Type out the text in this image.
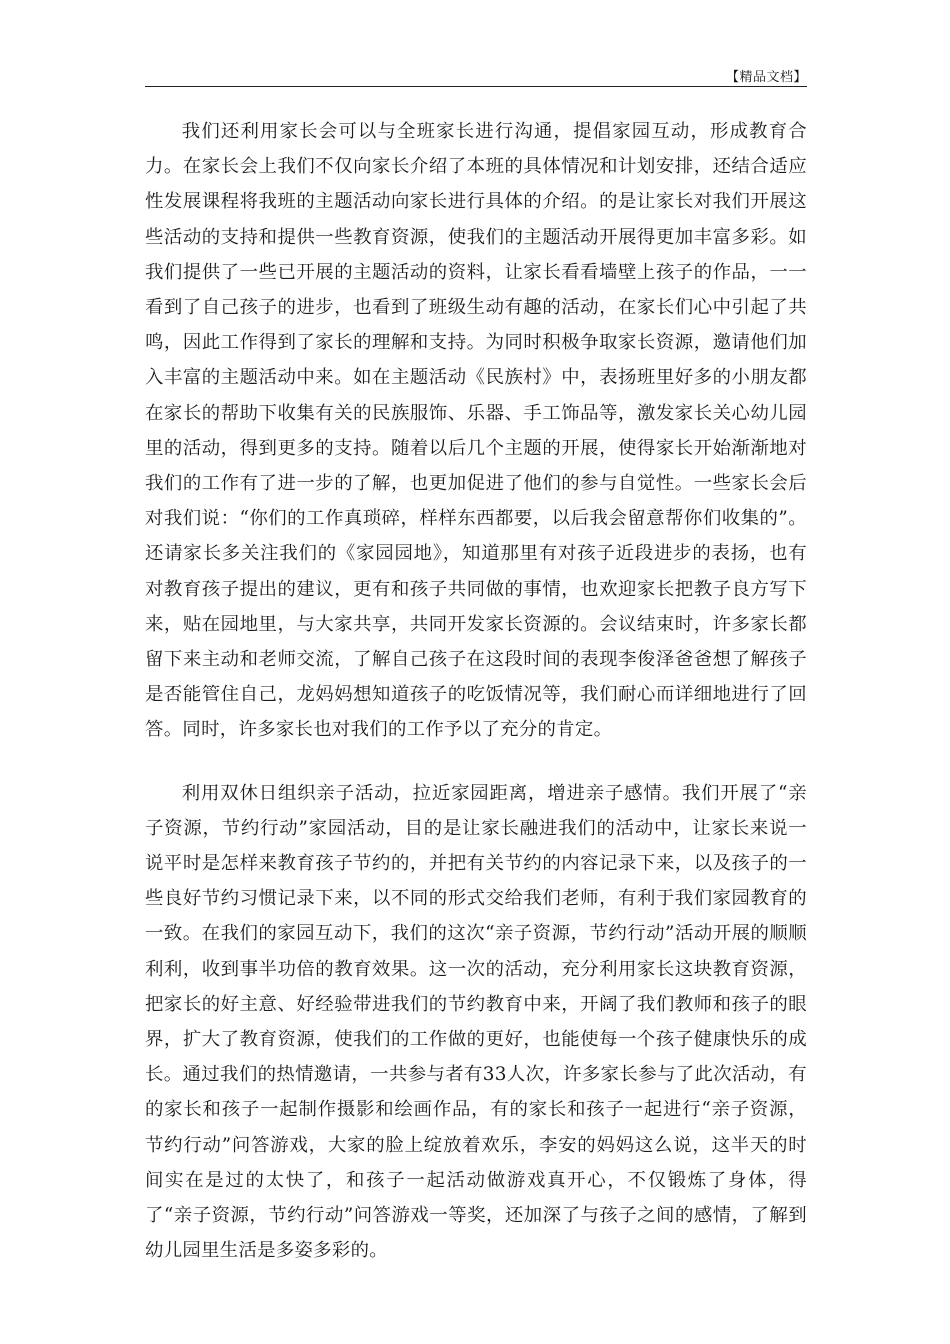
【精品文档】

我们还利用家长会可以与全班家长进行沟通，提倡家园互动，形成教育合力。在家长会上我们不仅向家长介绍了本班的具体情况和计划安排，还结合适应性发展课程将我班的主题活动向家长进行具体的介绍。的是让家长对我们开展这些活动的支持和提供一些教育资源，使我们的主题活动开展得更加丰富多彩。如我们提供了一些已开展的主题活动的资料，让家长看看墙壁上孩子的作品，一一看到了自己孩子的进步，也看到了班级生动有趣的活动，在家长们心中引起了共鸣，因此工作得到了家长的理解和支持。为同时积极争取家长资源，邀请他们加入丰富的主题活动中来。如在主题活动《民族村》中，表扬班里好多的小朋友都在家长的帮助下收集有关的民族服饰、乐器、手工饰品等，激发家长关心幼儿园里的活动，得到更多的支持。随着以后几个主题的开展，使得家长开始渐渐地对我们的工作有了进一步的了解，也更加促进了他们的参与自觉性。一些家长会后对我们说：“你们的工作真琐碎，样样东西都要，以后我会留意帮你们收集的”。还请家长多关注我们的《家园园地》，知道那里有对孩子近段进步的表扬，也有对教育孩子提出的建议，更有和孩子共同做的事情，也欢迎家长把教子良方写下来，贴在园地里，与大家共享，共同开发家长资源的。会议结束时，许多家长都留下来主动和老师交流，了解自己孩子在这段时间的表现李俊泽爸爸想了解孩子是否能管住自己，龙妈妈想知道孩子的吃饭情况等，我们耐心而详细地进行了回答。同时，许多家长也对我们的工作予以了充分的肯定。

利用双休日组织亲子活动，拉近家园距离，增进亲子感情。我们开展了“亲子资源，节约行动”家园活动，目的是让家长融进我们的活动中，让家长来说一说平时是怎样来教育孩子节约的，并把有关节约的内容记录下来，以及孩子的一些良好节约习惯记录下来，以不同的形式交给我们老师，有利于我们家园教育的一致。在我们的家园互动下，我们的这次“亲子资源，节约行动”活动开展的顺顺利利，收到事半功倍的教育效果。这一次的活动，充分利用家长这块教育资源，把家长的好主意、好经验带进我们的节约教育中来，开阔了我们教师和孩子的眼界，扩大了教育资源，使我们的工作做的更好，也能使每一个孩子健康快乐的成长。通过我们的热情邀请，一共参与者有33人次，许多家长参与了此次活动，有的家长和孩子一起制作摄影和绘画作品，有的家长和孩子一起进行“亲子资源，节约行动”问答游戏，大家的脸上绽放着欢乐，李安的妈妈这么说，这半天的时间实在是过的太快了，和孩子一起活动做游戏真开心，不仅锻炼了身体，得了“亲子资源，节约行动”问答游戏一等奖，还加深了与孩子之间的感情，了解到幼儿园里生活是多姿多彩的。
